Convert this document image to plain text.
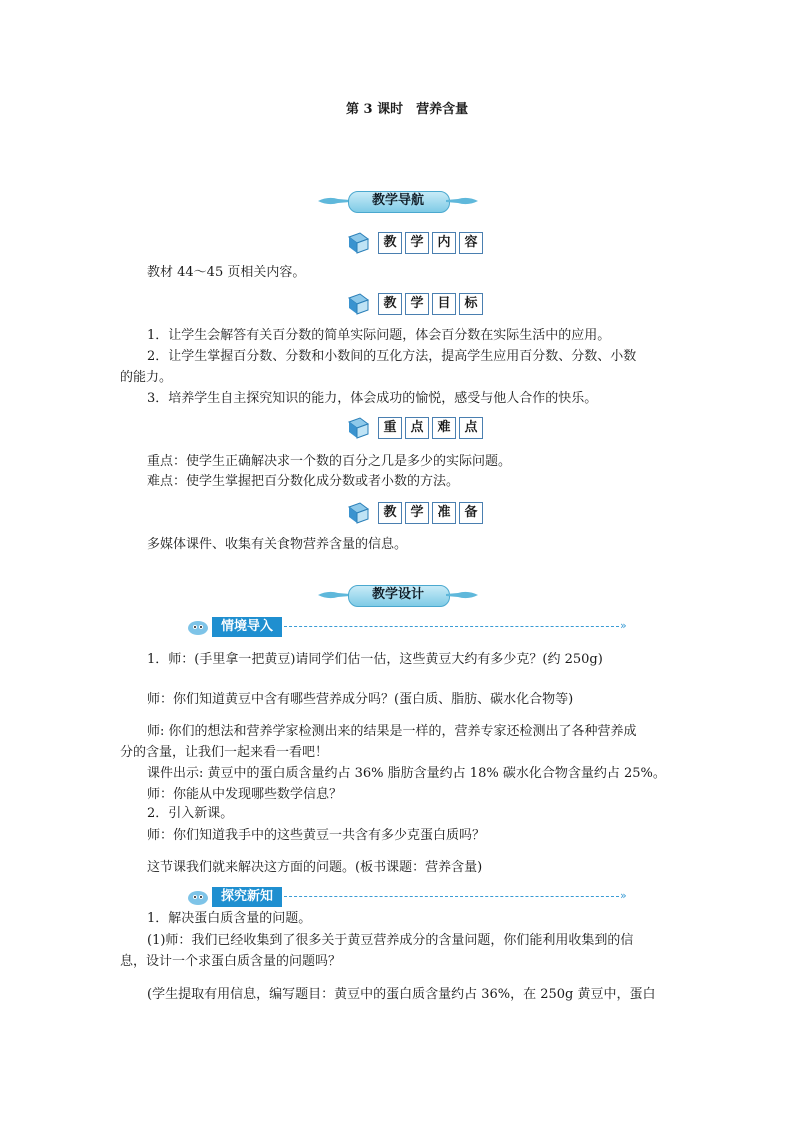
第 3 课时　营养含量
教学导航
教	学	内	容
教材 44～45 页相关内容。
教	学	目	标
1．让学生会解答有关百分数的简单实际问题，体会百分数在实际生活中的应用。
2．让学生掌握百分数、分数和小数间的互化方法，提高学生应用百分数、分数、小数
的能力。
3．培养学生自主探究知识的能力，体会成功的愉悦，感受与他人合作的快乐。
重	点	难	点
重点：使学生正确解决求一个数的百分之几是多少的实际问题。
难点：使学生掌握把百分数化成分数或者小数的方法。
教	学	准	备
多媒体课件、收集有关食物营养含量的信息。
教学设计
情境导入	»
1．师：(手里拿一把黄豆)请同学们估一估，这些黄豆大约有多少克？(约 250g)
师：你们知道黄豆中含有哪些营养成分吗？(蛋白质、脂肪、碳水化合物等)
师: 你们的想法和营养学家检测出来的结果是一样的，营养专家还检测出了各种营养成
分的含量，让我们一起来看一看吧！
课件出示: 黄豆中的蛋白质含量约占 36% 脂肪含量约占 18% 碳水化合物含量约占 25%。
师：你能从中发现哪些数学信息？
2．引入新课。
师：你们知道我手中的这些黄豆一共含有多少克蛋白质吗？
这节课我们就来解决这方面的问题。(板书课题：营养含量)
探究新知	»
1．解决蛋白质含量的问题。
(1)师：我们已经收集到了很多关于黄豆营养成分的含量问题，你们能利用收集到的信
息，设计一个求蛋白质含量的问题吗？
(学生提取有用信息，编写题目：黄豆中的蛋白质含量约占 36%，在 250g 黄豆中，蛋白
